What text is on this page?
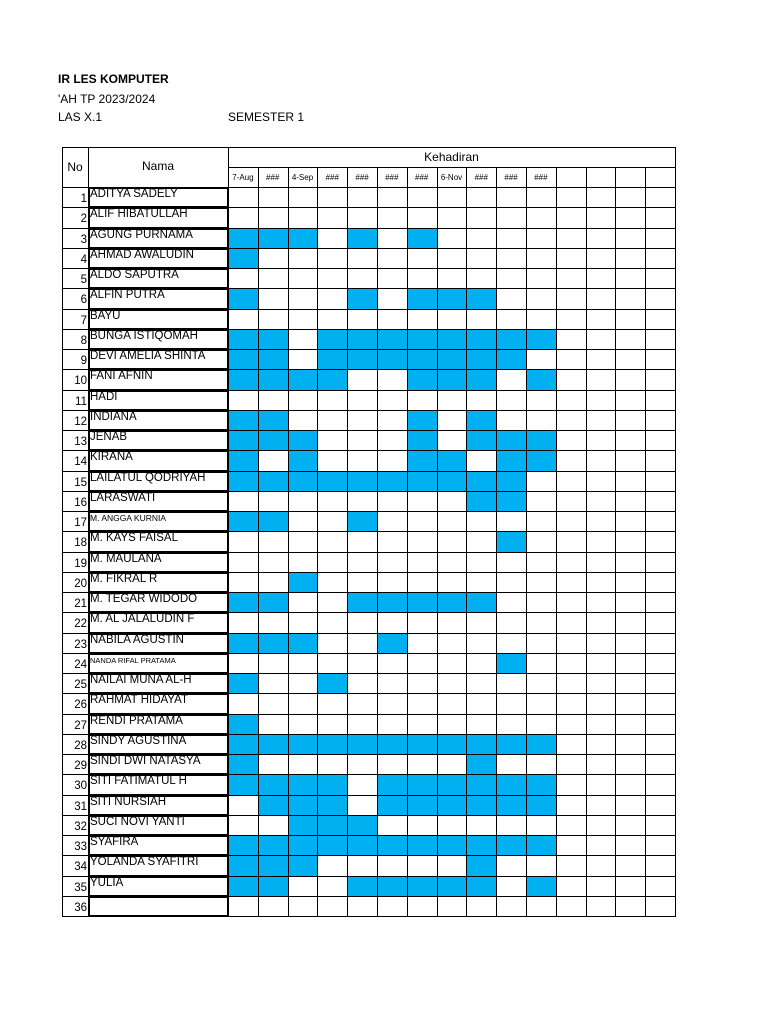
IR LES KOMPUTER
'AH TP 2023/2024
LAS X.1	SEMESTER 1
No	Nama
Kehadiran
7-Aug	###	4-Sep	###	###	###	###	6-Nov	###	###	###
1 ADITYA SADELY
2 ALIF HIBATULLAH
3 AGUNG PURNAMA
4 AHMAD AWALUDIN
5 ALDO SAPUTRA
6 ALFIN PUTRA
7 BAYU
8 BUNGA ISTIQOMAH
9 DEVI AMELIA SHINTA
10 FANI AFNIN
11 HADI
12 INDIANA
13 JENAB
14 KIRANA
15 LAILATUL QODRIYAH
16 LARASWATI
17 M. ANGGA KURNIA
18 M. KAYS FAISAL
19 M. MAULANA
20 M. FIKRAL R
21 M. TEGAR WIDODO
22 M. AL JALALUDIN F
23 NABILA AGUSTIN
24 NANDA RIFAL PRATAMA
25 NAILAI MUNA AL-H
26 RAHMAT HIDAYAT
27 RENDI PRATAMA
28 SINDY AGUSTINA
29 SINDI DWI NATASYA
30 SITI FATIMATUL H
31 SITI NURSIAH
32 SUCI NOVI YANTI
33 SYAFIRA
34 YOLANDA SYAFITRI
35 YULIA
36
